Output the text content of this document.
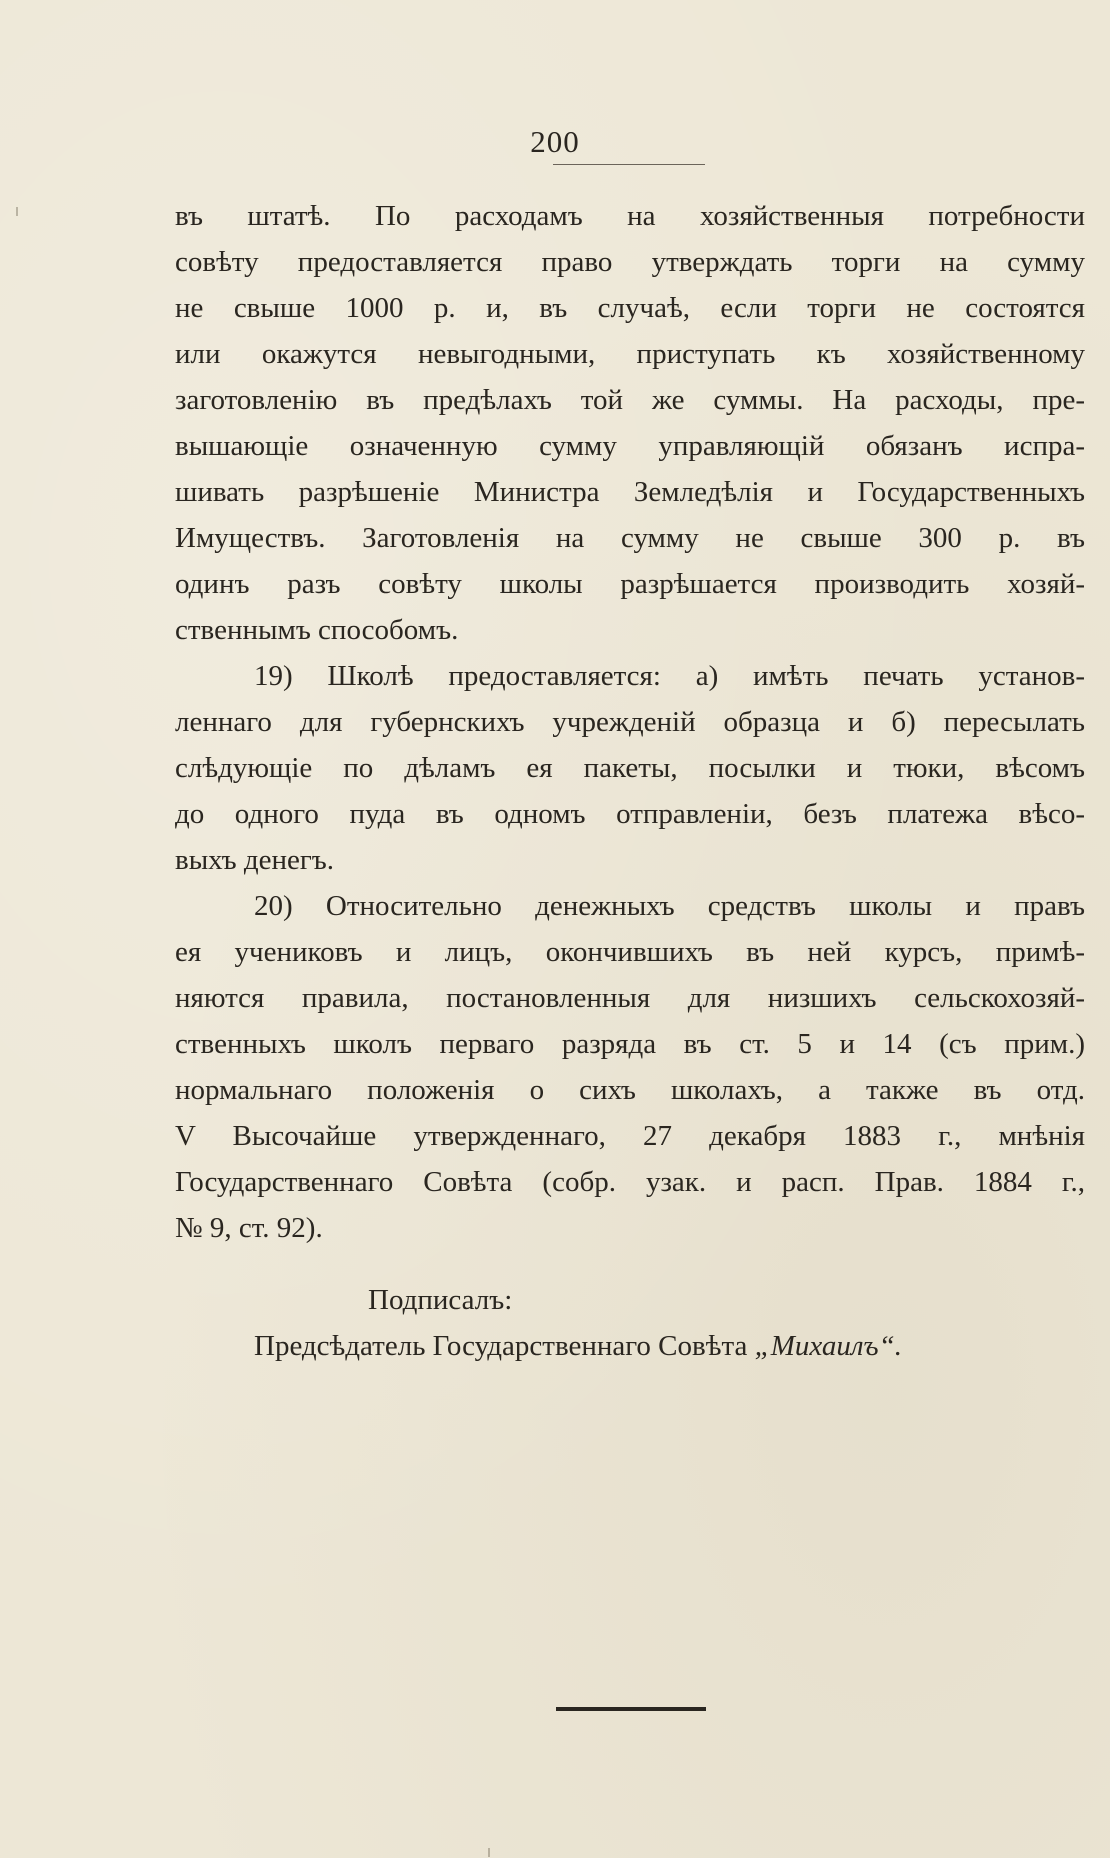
200
въ штатѣ. По расходамъ на хозяйственныя потребности
совѣту предоставляется право утверждать торги на сумму
не свыше 1000 р. и, въ случаѣ, если торги не состоятся
или окажутся невыгодными, приступать къ хозяйственному
заготовленію въ предѣлахъ той же суммы. На расходы, пре-
вышающіе означенную сумму управляющій обязанъ испра-
шивать разрѣшеніе Министра Земледѣлія и Государственныхъ
Имуществъ. Заготовленія на сумму не свыше 300 р. въ
одинъ разъ совѣту школы разрѣшается производить хозяй-
ственнымъ способомъ.
19) Школѣ предоставляется: а) имѣть печать установ-
леннаго для губернскихъ учрежденій образца и б) пересылать
слѣдующіе по дѣламъ ея пакеты, посылки и тюки, вѣсомъ
до одного пуда въ одномъ отправленіи, безъ платежа вѣсо-
выхъ денегъ.
20) Относительно денежныхъ средствъ школы и правъ
ея учениковъ и лицъ, окончившихъ въ ней курсъ, примѣ-
няются правила, постановленныя для низшихъ сельскохозяй-
ственныхъ школъ перваго разряда въ ст. 5 и 14 (съ прим.)
нормальнаго положенія о сихъ школахъ, а также въ отд.
V Высочайше утвержденнаго, 27 декабря 1883 г., мнѣнія
Государственнаго Совѣта (собр. узак. и расп. Прав. 1884 г.,
№ 9, ст. 92).
Подписалъ:
Предсѣдатель Государственнаго Совѣта „Михаилъ“.
